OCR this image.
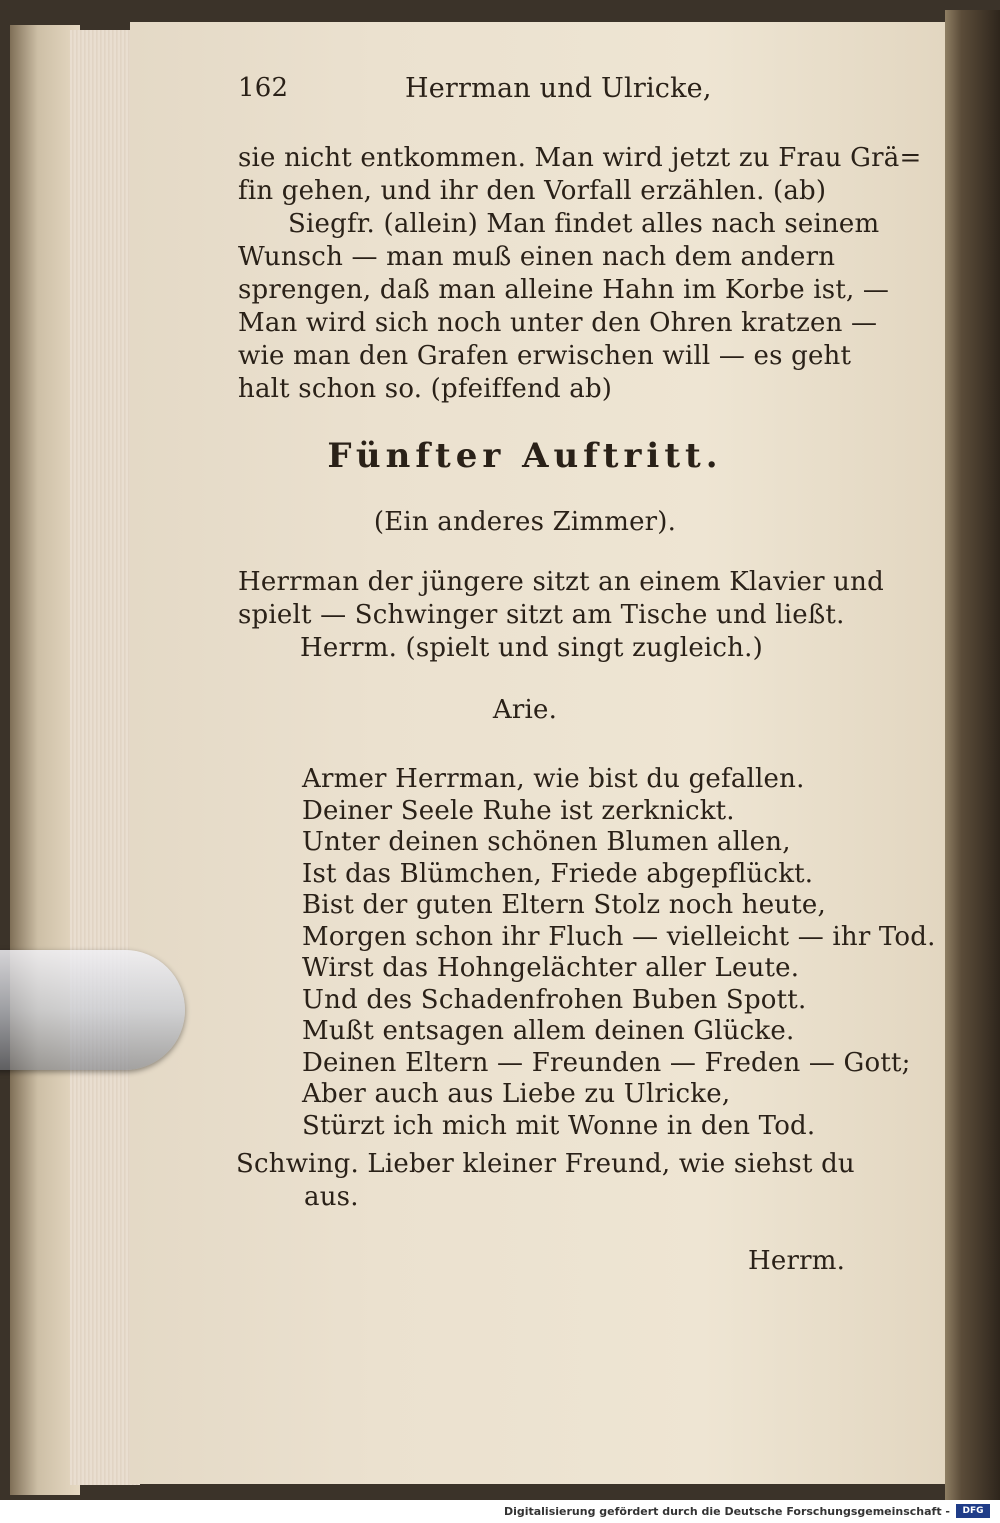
162	Herrman und Ulricke,
sie nicht entkommen. Man wird jetzt zu Frau Grä=
fin gehen, und ihr den Vorfall erzählen. (ab)
Siegfr. (allein) Man findet alles nach seinem
Wunsch — man muß einen nach dem andern
sprengen, daß man alleine Hahn im Korbe ist, —
Man wird sich noch unter den Ohren kratzen —
wie man den Grafen erwischen will — es geht
halt schon so. (pfeiffend ab)
Fünfter Auftritt.
(Ein anderes Zimmer).
Herrman der jüngere sitzt an einem Klavier und
spielt — Schwinger sitzt am Tische und ließt.
Herrm. (spielt und singt zugleich.)
Arie.
Armer Herrman, wie bist du gefallen.
Deiner Seele Ruhe ist zerknickt.
Unter deinen schönen Blumen allen,
Ist das Blümchen, Friede abgepflückt.
Bist der guten Eltern Stolz noch heute,
Morgen schon ihr Fluch — vielleicht — ihr Tod.
Wirst das Hohngelächter aller Leute.
Und des Schadenfrohen Buben Spott.
Mußt entsagen allem deinen Glücke.
Deinen Eltern — Freunden — Freden — Gott;
Aber auch aus Liebe zu Ulricke,
Stürzt ich mich mit Wonne in den Tod.
Schwing. Lieber kleiner Freund, wie siehst du
aus.
Herrm.
Digitalisierung gefördert durch die Deutsche Forschungsgemeinschaft -	DFG
